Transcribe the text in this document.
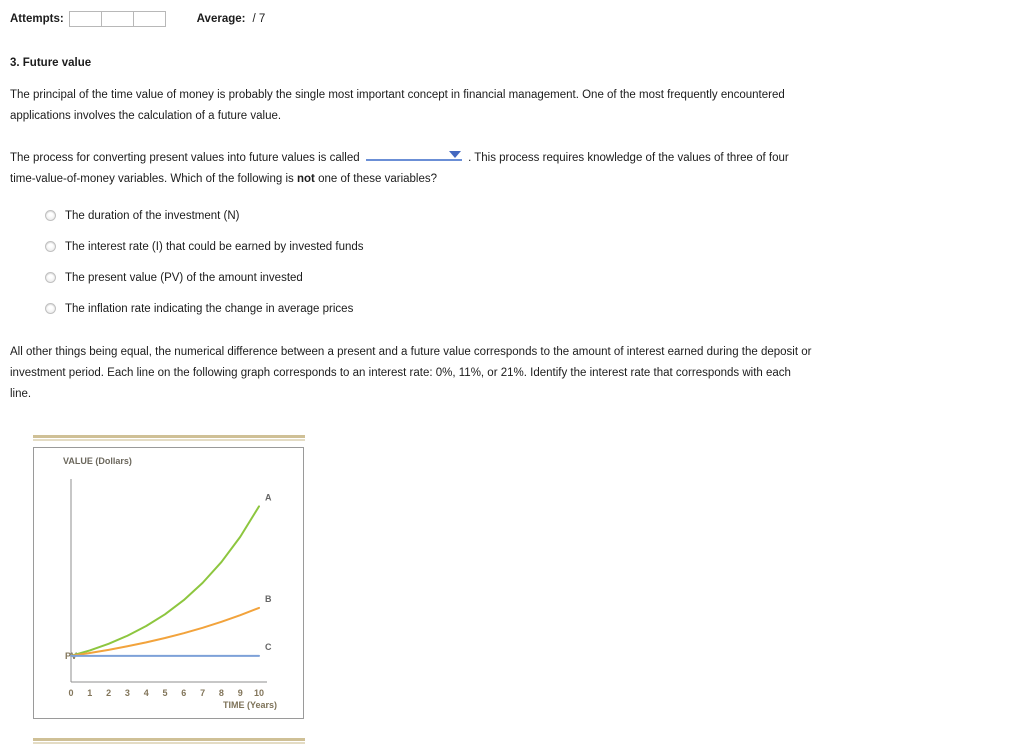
Attempts:	Average: / 7
3. Future value

The principal of the time value of money is probably the single most important concept in financial management. One of the most frequently encountered applications involves the calculation of a future value.

The process for converting present values into future values is called	. This process requires knowledge of the values of three of four time-value-of-money variables. Which of the following is not one of these variables?

The duration of the investment (N)
The interest rate (I) that could be earned by invested funds
The present value (PV) of the amount invested
The inflation rate indicating the change in average prices

All other things being equal, the numerical difference between a present and a future value corresponds to the amount of interest earned during the deposit or investment period. Each line on the following graph corresponds to an interest rate: 0%, 11%, or 21%. Identify the interest rate that corresponds with each line.

VALUE (Dollars)
0 1 2 3 4 5 6 7 8 9 10
TIME (Years)
PV
A
B
C
